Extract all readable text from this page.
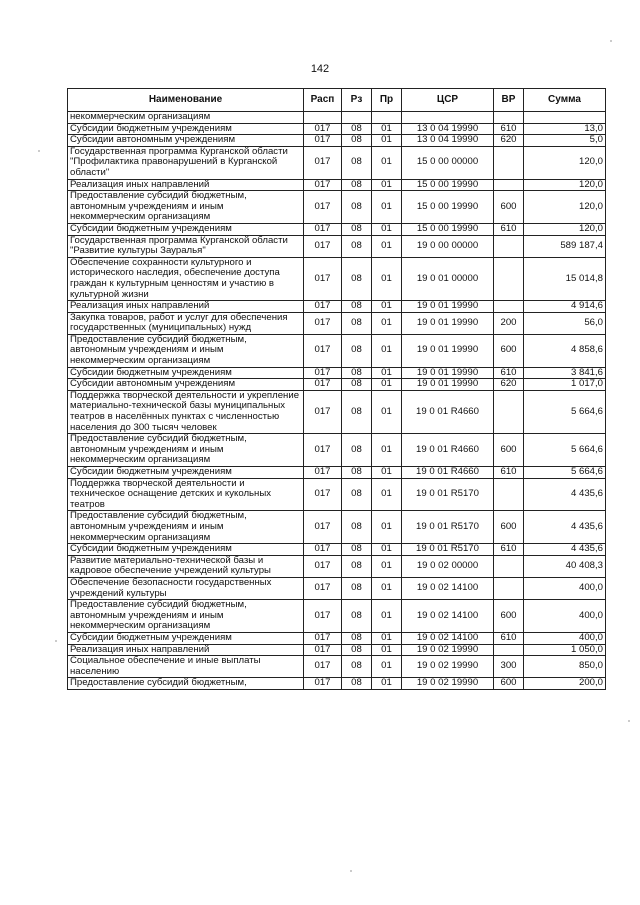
142
Наименование	Расп	Рз	Пр	ЦСР	ВР	Сумма
некоммерческим организациям						
Субсидии бюджетным учреждениям	017	08	01	13 0 04 19990	610	13,0
Субсидии автономным учреждениям	017	08	01	13 0 04 19990	620	5,0
Государственная программа Курганской области "Профилактика правонарушений в Курганской области"	017	08	01	15 0 00 00000		120,0
Реализация иных направлений	017	08	01	15 0 00 19990		120,0
Предоставление субсидий бюджетным, автономным учреждениям и иным некоммерческим организациям	017	08	01	15 0 00 19990	600	120,0
Субсидии бюджетным учреждениям	017	08	01	15 0 00 19990	610	120,0
Государственная программа Курганской области "Развитие культуры Зауралья"	017	08	01	19 0 00 00000		589 187,4
Обеспечение сохранности культурного и исторического наследия, обеспечение доступа граждан к культурным ценностям и участию в культурной жизни	017	08	01	19 0 01 00000		15 014,8
Реализация иных направлений	017	08	01	19 0 01 19990		4 914,6
Закупка товаров, работ и услуг для обеспечения государственных (муниципальных) нужд	017	08	01	19 0 01 19990	200	56,0
Предоставление субсидий бюджетным, автономным учреждениям и иным некоммерческим организациям	017	08	01	19 0 01 19990	600	4 858,6
Субсидии бюджетным учреждениям	017	08	01	19 0 01 19990	610	3 841,6
Субсидии автономным учреждениям	017	08	01	19 0 01 19990	620	1 017,0
Поддержка творческой деятельности и укрепление материально-технической базы муниципальных театров в населённых пунктах с численностью населения до 300 тысяч человек	017	08	01	19 0 01 R4660		5 664,6
Предоставление субсидий бюджетным, автономным учреждениям и иным некоммерческим организациям	017	08	01	19 0 01 R4660	600	5 664,6
Субсидии бюджетным учреждениям	017	08	01	19 0 01 R4660	610	5 664,6
Поддержка творческой деятельности и техническое оснащение детских и кукольных театров	017	08	01	19 0 01 R5170		4 435,6
Предоставление субсидий бюджетным, автономным учреждениям и иным некоммерческим организациям	017	08	01	19 0 01 R5170	600	4 435,6
Субсидии бюджетным учреждениям	017	08	01	19 0 01 R5170	610	4 435,6
Развитие материально-технической базы и кадровое обеспечение учреждений культуры	017	08	01	19 0 02 00000		40 408,3
Обеспечение безопасности государственных учреждений культуры	017	08	01	19 0 02 14100		400,0
Предоставление субсидий бюджетным, автономным учреждениям и иным некоммерческим организациям	017	08	01	19 0 02 14100	600	400,0
Субсидии бюджетным учреждениям	017	08	01	19 0 02 14100	610	400,0
Реализация иных направлений	017	08	01	19 0 02 19990		1 050,0
Социальное обеспечение и иные выплаты населению	017	08	01	19 0 02 19990	300	850,0
Предоставление субсидий бюджетным,	017	08	01	19 0 02 19990	600	200,0
